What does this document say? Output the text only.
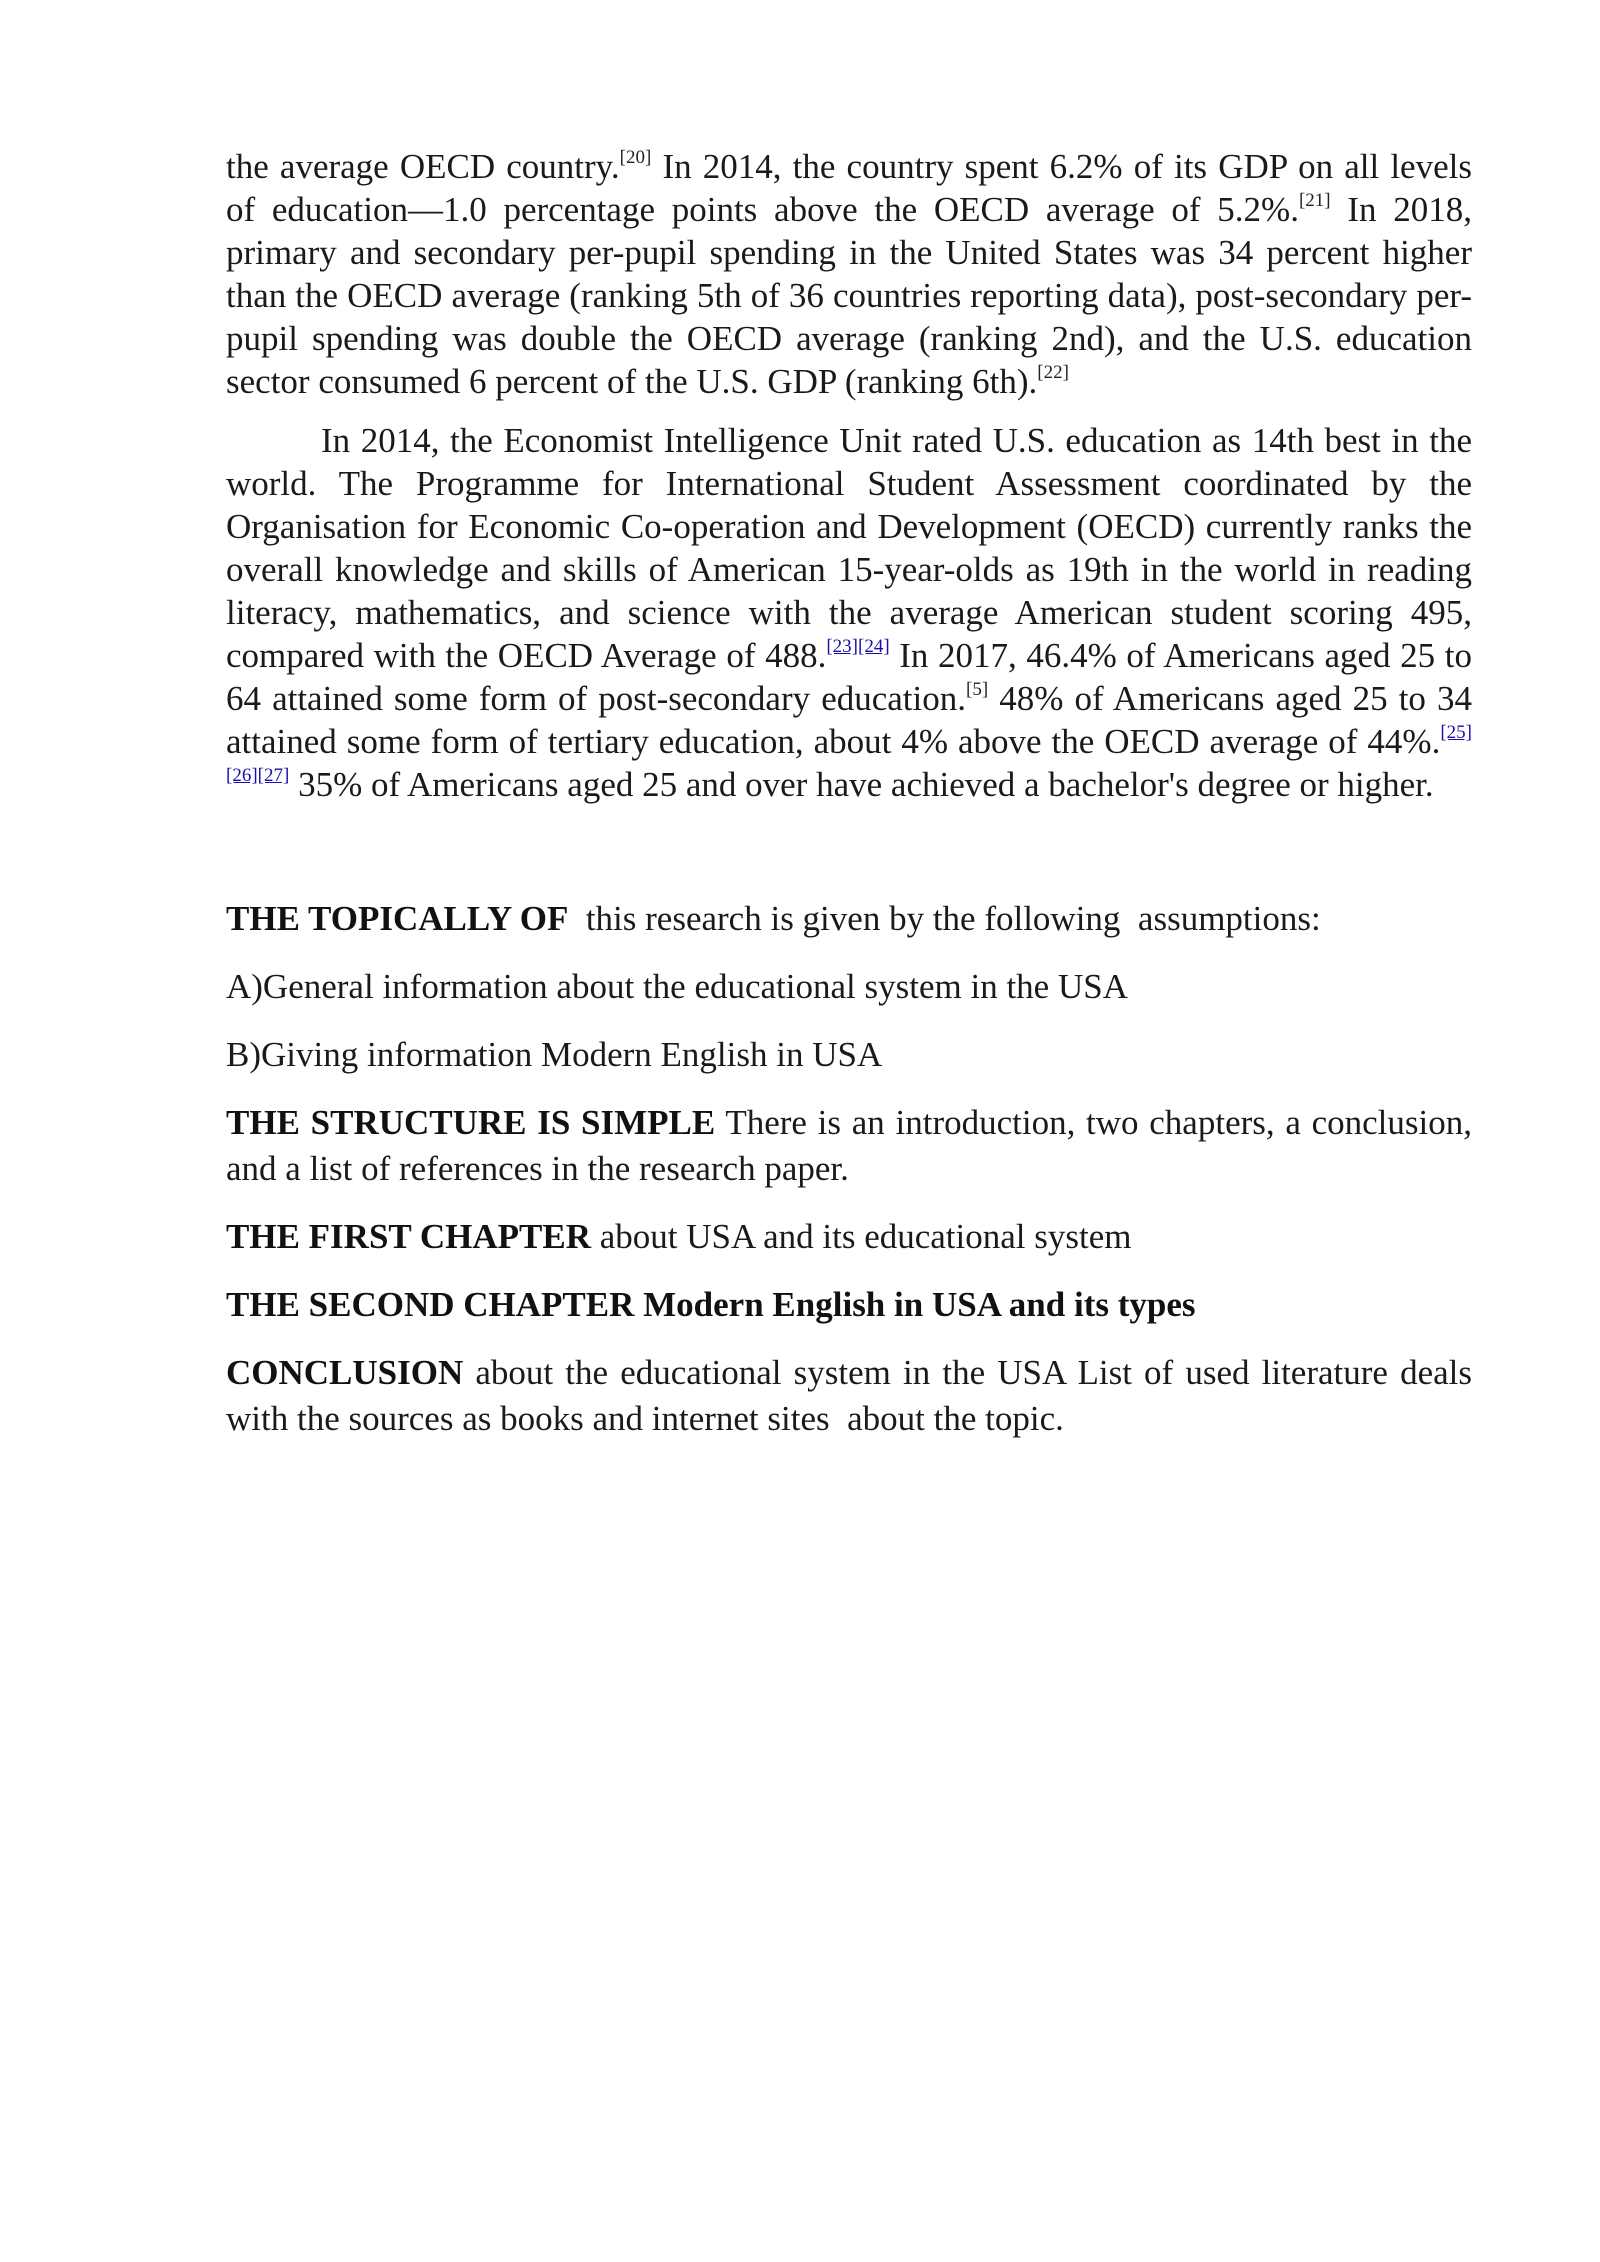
the average OECD country.[20] In 2014, the country spent 6.2% of its GDP on all levels of education—1.0 percentage points above the OECD average of 5.2%.[21] In 2018, primary and secondary per-pupil spending in the United States was 34 percent higher than the OECD average (ranking 5th of 36 countries reporting data), post-secondary per-pupil spending was double the OECD average (ranking 2nd), and the U.S. education sector consumed 6 percent of the U.S. GDP (ranking 6th).[22]

In 2014, the Economist Intelligence Unit rated U.S. education as 14th best in the world. The Programme for International Student Assessment coordinated by the Organisation for Economic Co-operation and Development (OECD) currently ranks the overall knowledge and skills of American 15-year-olds as 19th in the world in reading literacy, mathematics, and science with the average American student scoring 495, compared with the OECD Average of 488.[23][24] In 2017, 46.4% of Americans aged 25 to 64 attained some form of post-secondary education.[5] 48% of Americans aged 25 to 34 attained some form of tertiary education, about 4% above the OECD average of 44%.[25][26][27] 35% of Americans aged 25 and over have achieved a bachelor's degree or higher.

THE TOPICALLY OF  this research is given by the following  assumptions:

A)General information about the educational system in the USA

B)Giving information Modern English in USA

THE STRUCTURE IS SIMPLE There is an introduction, two chapters, a conclusion, and a list of references in the research paper.

THE FIRST CHAPTER about USA and its educational system

THE SECOND CHAPTER Modern English in USA and its types

CONCLUSION about the educational system in the USA List of used literature deals with the sources as books and internet sites  about the topic.
